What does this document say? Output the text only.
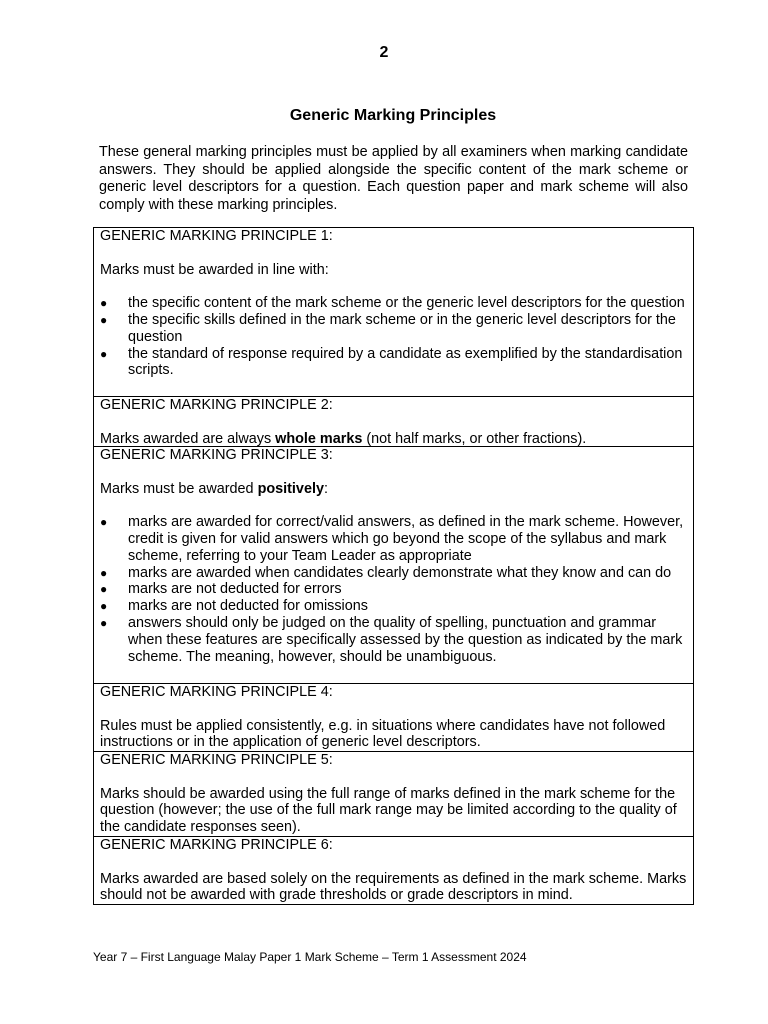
2
Generic Marking Principles
These general marking principles must be applied by all examiners when marking candidate answers. They should be applied alongside the specific content of the mark scheme or generic level descriptors for a question. Each question paper and mark scheme will also comply with these marking principles.

GENERIC MARKING PRINCIPLE 1:

Marks must be awarded in line with:

● the specific content of the mark scheme or the generic level descriptors for the question
● the specific skills defined in the mark scheme or in the generic level descriptors for the question
● the standard of response required by a candidate as exemplified by the standardisation scripts.

GENERIC MARKING PRINCIPLE 2:

Marks awarded are always whole marks (not half marks, or other fractions).

GENERIC MARKING PRINCIPLE 3:

Marks must be awarded positively:

● marks are awarded for correct/valid answers, as defined in the mark scheme. However, credit is given for valid answers which go beyond the scope of the syllabus and mark scheme, referring to your Team Leader as appropriate
● marks are awarded when candidates clearly demonstrate what they know and can do
● marks are not deducted for errors
● marks are not deducted for omissions
● answers should only be judged on the quality of spelling, punctuation and grammar when these features are specifically assessed by the question as indicated by the mark scheme. The meaning, however, should be unambiguous.

GENERIC MARKING PRINCIPLE 4:

Rules must be applied consistently, e.g. in situations where candidates have not followed instructions or in the application of generic level descriptors.

GENERIC MARKING PRINCIPLE 5:

Marks should be awarded using the full range of marks defined in the mark scheme for the question (however; the use of the full mark range may be limited according to the quality of the candidate responses seen).

GENERIC MARKING PRINCIPLE 6:

Marks awarded are based solely on the requirements as defined in the mark scheme. Marks should not be awarded with grade thresholds or grade descriptors in mind.

Year 7 – First Language Malay Paper 1 Mark Scheme – Term 1 Assessment 2024
